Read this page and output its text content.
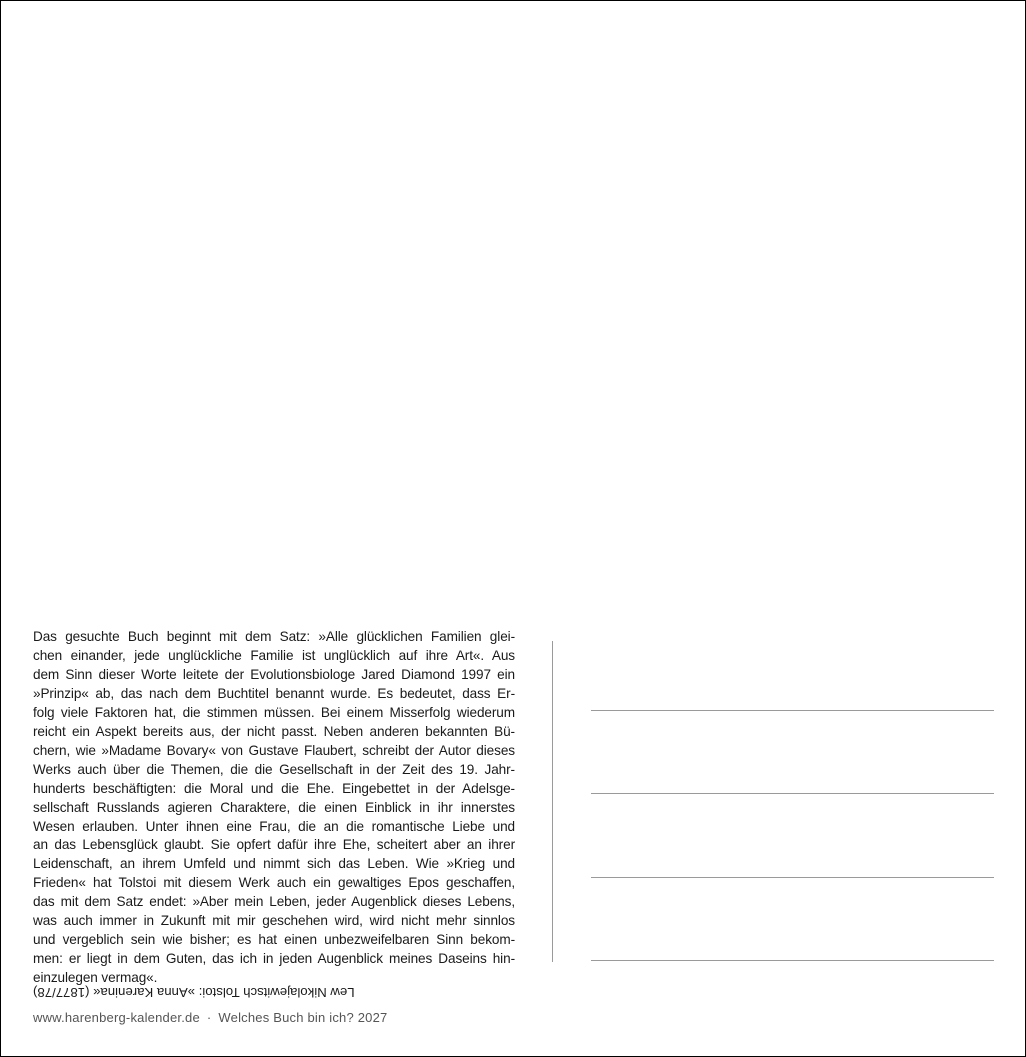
Das gesuchte Buch beginnt mit dem Satz: »Alle glücklichen Familien glei-
chen einander, jede unglückliche Familie ist unglücklich auf ihre Art«. Aus
dem Sinn dieser Worte leitete der Evolutionsbiologe Jared Diamond 1997 ein
»Prinzip« ab, das nach dem Buchtitel benannt wurde. Es bedeutet, dass Er-
folg viele Faktoren hat, die stimmen müssen. Bei einem Misserfolg wiederum
reicht ein Aspekt bereits aus, der nicht passt. Neben anderen bekannten Bü-
chern, wie »Madame Bovary« von Gustave Flaubert, schreibt der Autor dieses
Werks auch über die Themen, die die Gesellschaft in der Zeit des 19. Jahr-
hunderts beschäftigten: die Moral und die Ehe. Eingebettet in der Adelsge-
sellschaft Russlands agieren Charaktere, die einen Einblick in ihr innerstes
Wesen erlauben. Unter ihnen eine Frau, die an die romantische Liebe und
an das Lebensglück glaubt. Sie opfert dafür ihre Ehe, scheitert aber an ihrer
Leidenschaft, an ihrem Umfeld und nimmt sich das Leben. Wie »Krieg und
Frieden« hat Tolstoi mit diesem Werk auch ein gewaltiges Epos geschaffen,
das mit dem Satz endet: »Aber mein Leben, jeder Augenblick dieses Lebens,
was auch immer in Zukunft mit mir geschehen wird, wird nicht mehr sinnlos
und vergeblich sein wie bisher; es hat einen unbezweifelbaren Sinn bekom-
men: er liegt in dem Guten, das ich in jeden Augenblick meines Daseins hin-
einzulegen vermag«.
Lew Nikolajewitsch Tolstoi: »Anna Karenina« (1877/78)
www.harenberg-kalender.de · Welches Buch bin ich? 2027
